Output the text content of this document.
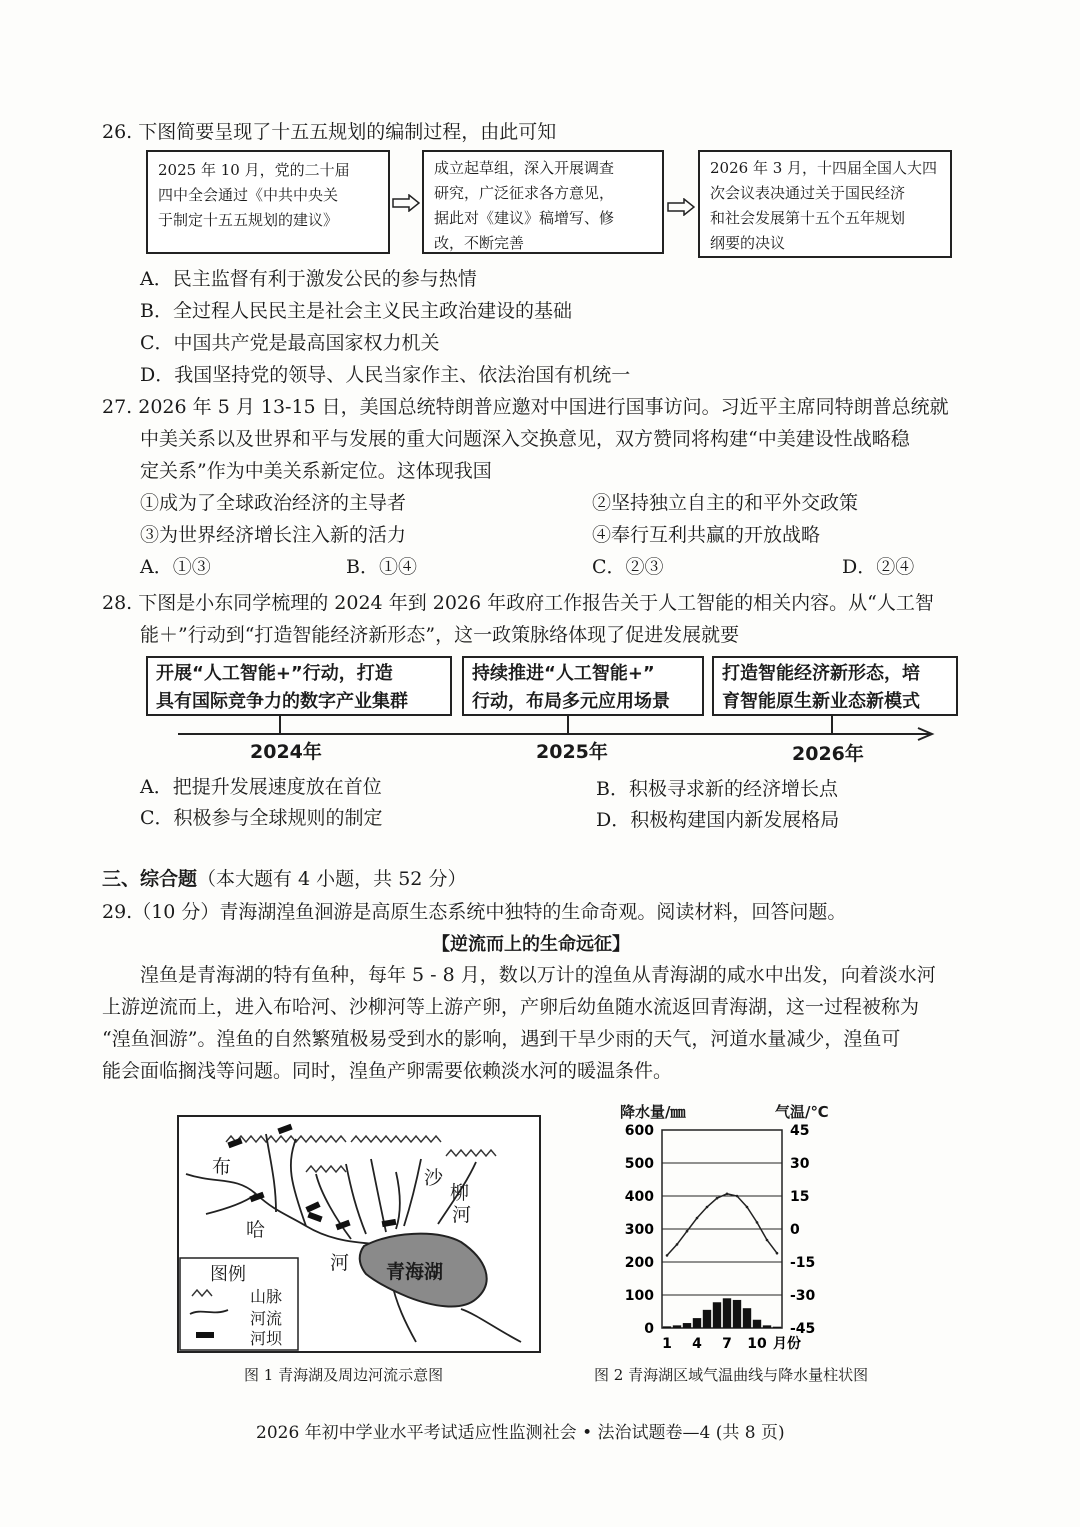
26. 下图简要呈现了十五五规划的编制过程，由此可知
2025 年 10 月，党的二十届
四中全会通过《中共中央关
于制定十五五规划的建议》
成立起草组，深入开展调查
研究，广泛征求各方意见，
据此对《建议》稿增写、修
改，不断完善
2026 年 3 月，十四届全国人大四
次会议表决通过关于国民经济
和社会发展第十五个五年规划
纲要的决议
A．民主监督有利于激发公民的参与热情
B．全过程人民民主是社会主义民主政治建设的基础
C．中国共产党是最高国家权力机关
D．我国坚持党的领导、人民当家作主、依法治国有机统一
27. 2026 年 5 月 13-15 日，美国总统特朗普应邀对中国进行国事访问。习近平主席同特朗普总统就
中美关系以及世界和平与发展的重大问题深入交换意见，双方赞同将构建“中美建设性战略稳
定关系”作为中美关系新定位。这体现我国
①成为了全球政治经济的主导者	②坚持独立自主的和平外交政策
③为世界经济增长注入新的活力	④奉行互利共赢的开放战略
A．①③	B．①④	C．②③	D．②④
28. 下图是小东同学梳理的 2024 年到 2026 年政府工作报告关于人工智能的相关内容。从“人工智
能＋”行动到“打造智能经济新形态”，这一政策脉络体现了促进发展就要
开展“人工智能+”行动，打造
具有国际竞争力的数字产业集群
持续推进“人工智能+”
行动，布局多元应用场景
打造智能经济新形态，培
育智能原生新业态新模式
2024年	2025年	2026年
A．把提升发展速度放在首位	B．积极寻求新的经济增长点
C．积极参与全球规则的制定	D．积极构建国内新发展格局
三、综合题（本大题有 4 小题，共 52 分）
29.（10 分）青海湖湟鱼洄游是高原生态系统中独特的生命奇观。阅读材料，回答问题。
【逆流而上的生命远征】
湟鱼是青海湖的特有鱼种，每年 5 - 8 月，数以万计的湟鱼从青海湖的咸水中出发，向着淡水河
上游逆流而上，进入布哈河、沙柳河等上游产卵，产卵后幼鱼随水流返回青海湖，这一过程被称为
“湟鱼洄游”。湟鱼的自然繁殖极易受到水的影响，遇到干旱少雨的天气，河道水量减少，湟鱼可
能会面临搁浅等问题。同时，湟鱼产卵需要依赖淡水河的暖温条件。
布
哈
河
沙
柳
河
青海湖
图例
山脉
河流
河坝
图 1 青海湖及周边河流示意图
降水量/㎜	气温/℃
0	-45
100	-30
200	-15
300	0
400	15
500	30
600	45
1 4 7 10 月份
图 2 青海湖区域气温曲线与降水量柱状图
2026 年初中学业水平考试适应性监测社会 • 法治试题卷—4 (共 8 页)
